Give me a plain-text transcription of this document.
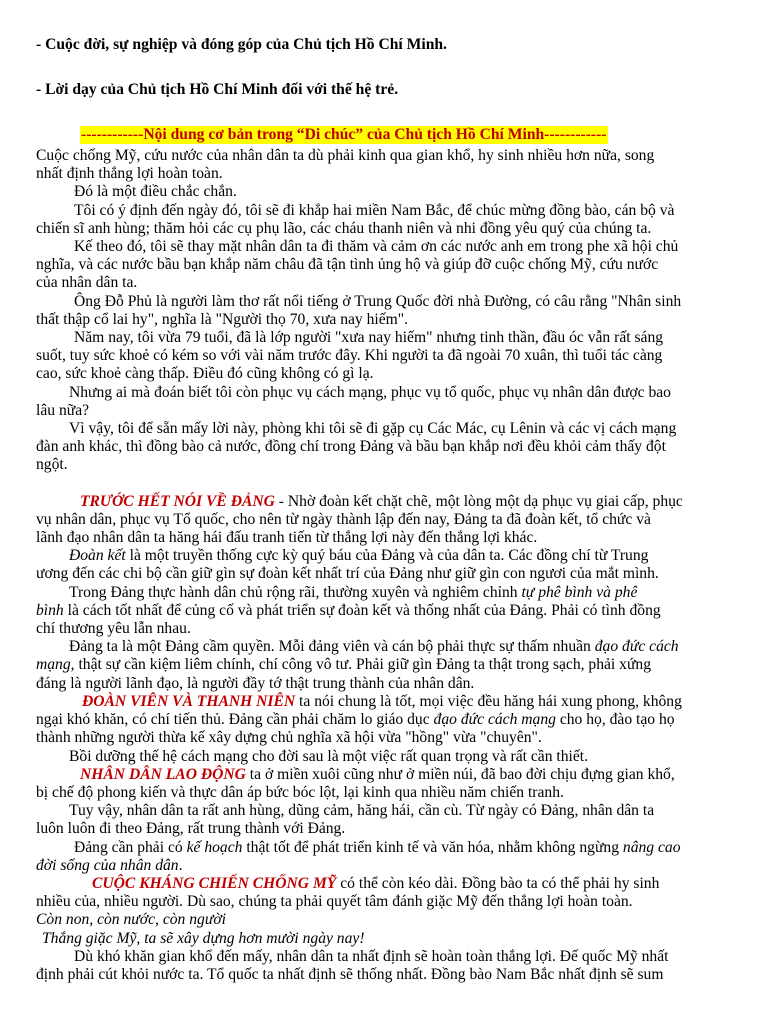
- Cuộc đời, sự nghiệp và đóng góp của Chủ tịch Hồ Chí Minh.
- Lời dạy của Chủ tịch Hồ Chí Minh đối với thế hệ trẻ.
------------Nội dung cơ bản trong “Di chúc” của Chủ tịch Hồ Chí Minh------------

Cuộc chống Mỹ, cứu nước của nhân dân ta dù phải kinh qua gian khổ, hy sinh nhiều hơn nữa, song

nhất định thắng lợi hoàn toàn.

Đó là một điều chắc chắn.

Tôi có ý định đến ngày đó, tôi sẽ đi khắp hai miền Nam Bắc, để chúc mừng đồng bào, cán bộ và

chiến sĩ anh hùng; thăm hỏi các cụ phụ lão, các cháu thanh niên và nhi đồng yêu quý của chúng ta.

Kế theo đó, tôi sẽ thay mặt nhân dân ta đi thăm và cảm ơn các nước anh em trong phe xã hội chủ

nghĩa, và các nước bầu bạn khắp năm châu đã tận tình ủng hộ và giúp đỡ cuộc chống Mỹ, cứu nước

của nhân dân ta.

Ông Đỗ Phủ là người làm thơ rất nổi tiếng ở Trung Quốc đời nhà Đường, có câu rằng "Nhân sinh

thất thập cổ lai hy", nghĩa là "Người thọ 70, xưa nay hiếm".

Năm nay, tôi vừa 79 tuổi, đã là lớp người "xưa nay hiếm" nhưng tinh thần, đầu óc vẫn rất sáng

suốt, tuy sức khoẻ có kém so với vài năm trước đây. Khi người ta đã ngoài 70 xuân, thì tuổi tác càng

cao, sức khoẻ càng thấp. Điều đó cũng không có gì lạ.

Nhưng ai mà đoán biết tôi còn phục vụ cách mạng, phục vụ tổ quốc, phục vụ nhân dân được bao

lâu nữa?

Vì vậy, tôi để sẵn mấy lời này, phòng khi tôi sẽ đi gặp cụ Các Mác, cụ Lênin và các vị cách mạng

đàn anh khác, thì đồng bào cả nước, đồng chí trong Đảng và bầu bạn khắp nơi đều khỏi cảm thấy đột

ngột.

TRƯỚC HẾT NÓI VỀ ĐẢNG - Nhờ đoàn kết chặt chẽ, một lòng một dạ phục vụ giai cấp, phục

vụ nhân dân, phục vụ Tổ quốc, cho nên từ ngày thành lập đến nay, Đảng ta đã đoàn kết, tổ chức và

lãnh đạo nhân dân ta hăng hái đấu tranh tiến từ thắng lợi này đến thắng lợi khác.

Đoàn kết là một truyền thống cực kỳ quý báu của Đảng và của dân ta. Các đồng chí từ Trung

ương đến các chi bộ cần giữ gìn sự đoàn kết nhất trí của Đảng như giữ gìn con ngươi của mắt mình.

Trong Đảng thực hành dân chủ rộng rãi, thường xuyên và nghiêm chỉnh tự phê bình và phê

bình là cách tốt nhất để củng cố và phát triển sự đoàn kết và thống nhất của Đảng. Phải có tình đồng

chí thương yêu lẫn nhau.

Đảng ta là một Đảng cầm quyền. Mỗi đảng viên và cán bộ phải thực sự thấm nhuần đạo đức cách

mạng, thật sự cần kiệm liêm chính, chí công vô tư. Phải giữ gìn Đảng ta thật trong sạch, phải xứng

đáng là người lãnh đạo, là người đầy tớ thật trung thành của nhân dân.

ĐOÀN VIÊN VÀ THANH NIÊN ta nói chung là tốt, mọi việc đều hăng hái xung phong, không

ngại khó khăn, có chí tiến thủ. Đảng cần phải chăm lo giáo dục đạo đức cách mạng cho họ, đào tạo họ

thành những người thừa kế xây dựng chủ nghĩa xã hội vừa "hồng" vừa "chuyên".

Bồi dưỡng thế hệ cách mạng cho đời sau là một việc rất quan trọng và rất cần thiết.

NHÂN DÂN LAO ĐỘNG ta ở miền xuôi cũng như ở miền núi, đã bao đời chịu đựng gian khổ,

bị chế độ phong kiến và thực dân áp bức bóc lột, lại kinh qua nhiều năm chiến tranh.

Tuy vậy, nhân dân ta rất anh hùng, dũng cảm, hăng hái, cần cù. Từ ngày có Đảng, nhân dân ta

luôn luôn đi theo Đảng, rất trung thành với Đảng.

Đảng cần phải có kế hoạch thật tốt để phát triển kinh tế và văn hóa, nhằm không ngừng nâng cao

đời sống của nhân dân.

CUỘC KHÁNG CHIẾN CHỐNG MỸ có thể còn kéo dài. Đồng bào ta có thể phải hy sinh

nhiều của, nhiều người. Dù sao, chúng ta phải quyết tâm đánh giặc Mỹ đến thắng lợi hoàn toàn.

Còn non, còn nước, còn người

Thắng giặc Mỹ, ta sẽ xây dựng hơn mười ngày nay!

Dù khó khăn gian khổ đến mấy, nhân dân ta nhất định sẽ hoàn toàn thắng lợi. Đế quốc Mỹ nhất

định phải cút khỏi nước ta. Tổ quốc ta nhất định sẽ thống nhất. Đồng bào Nam Bắc nhất định sẽ sum
